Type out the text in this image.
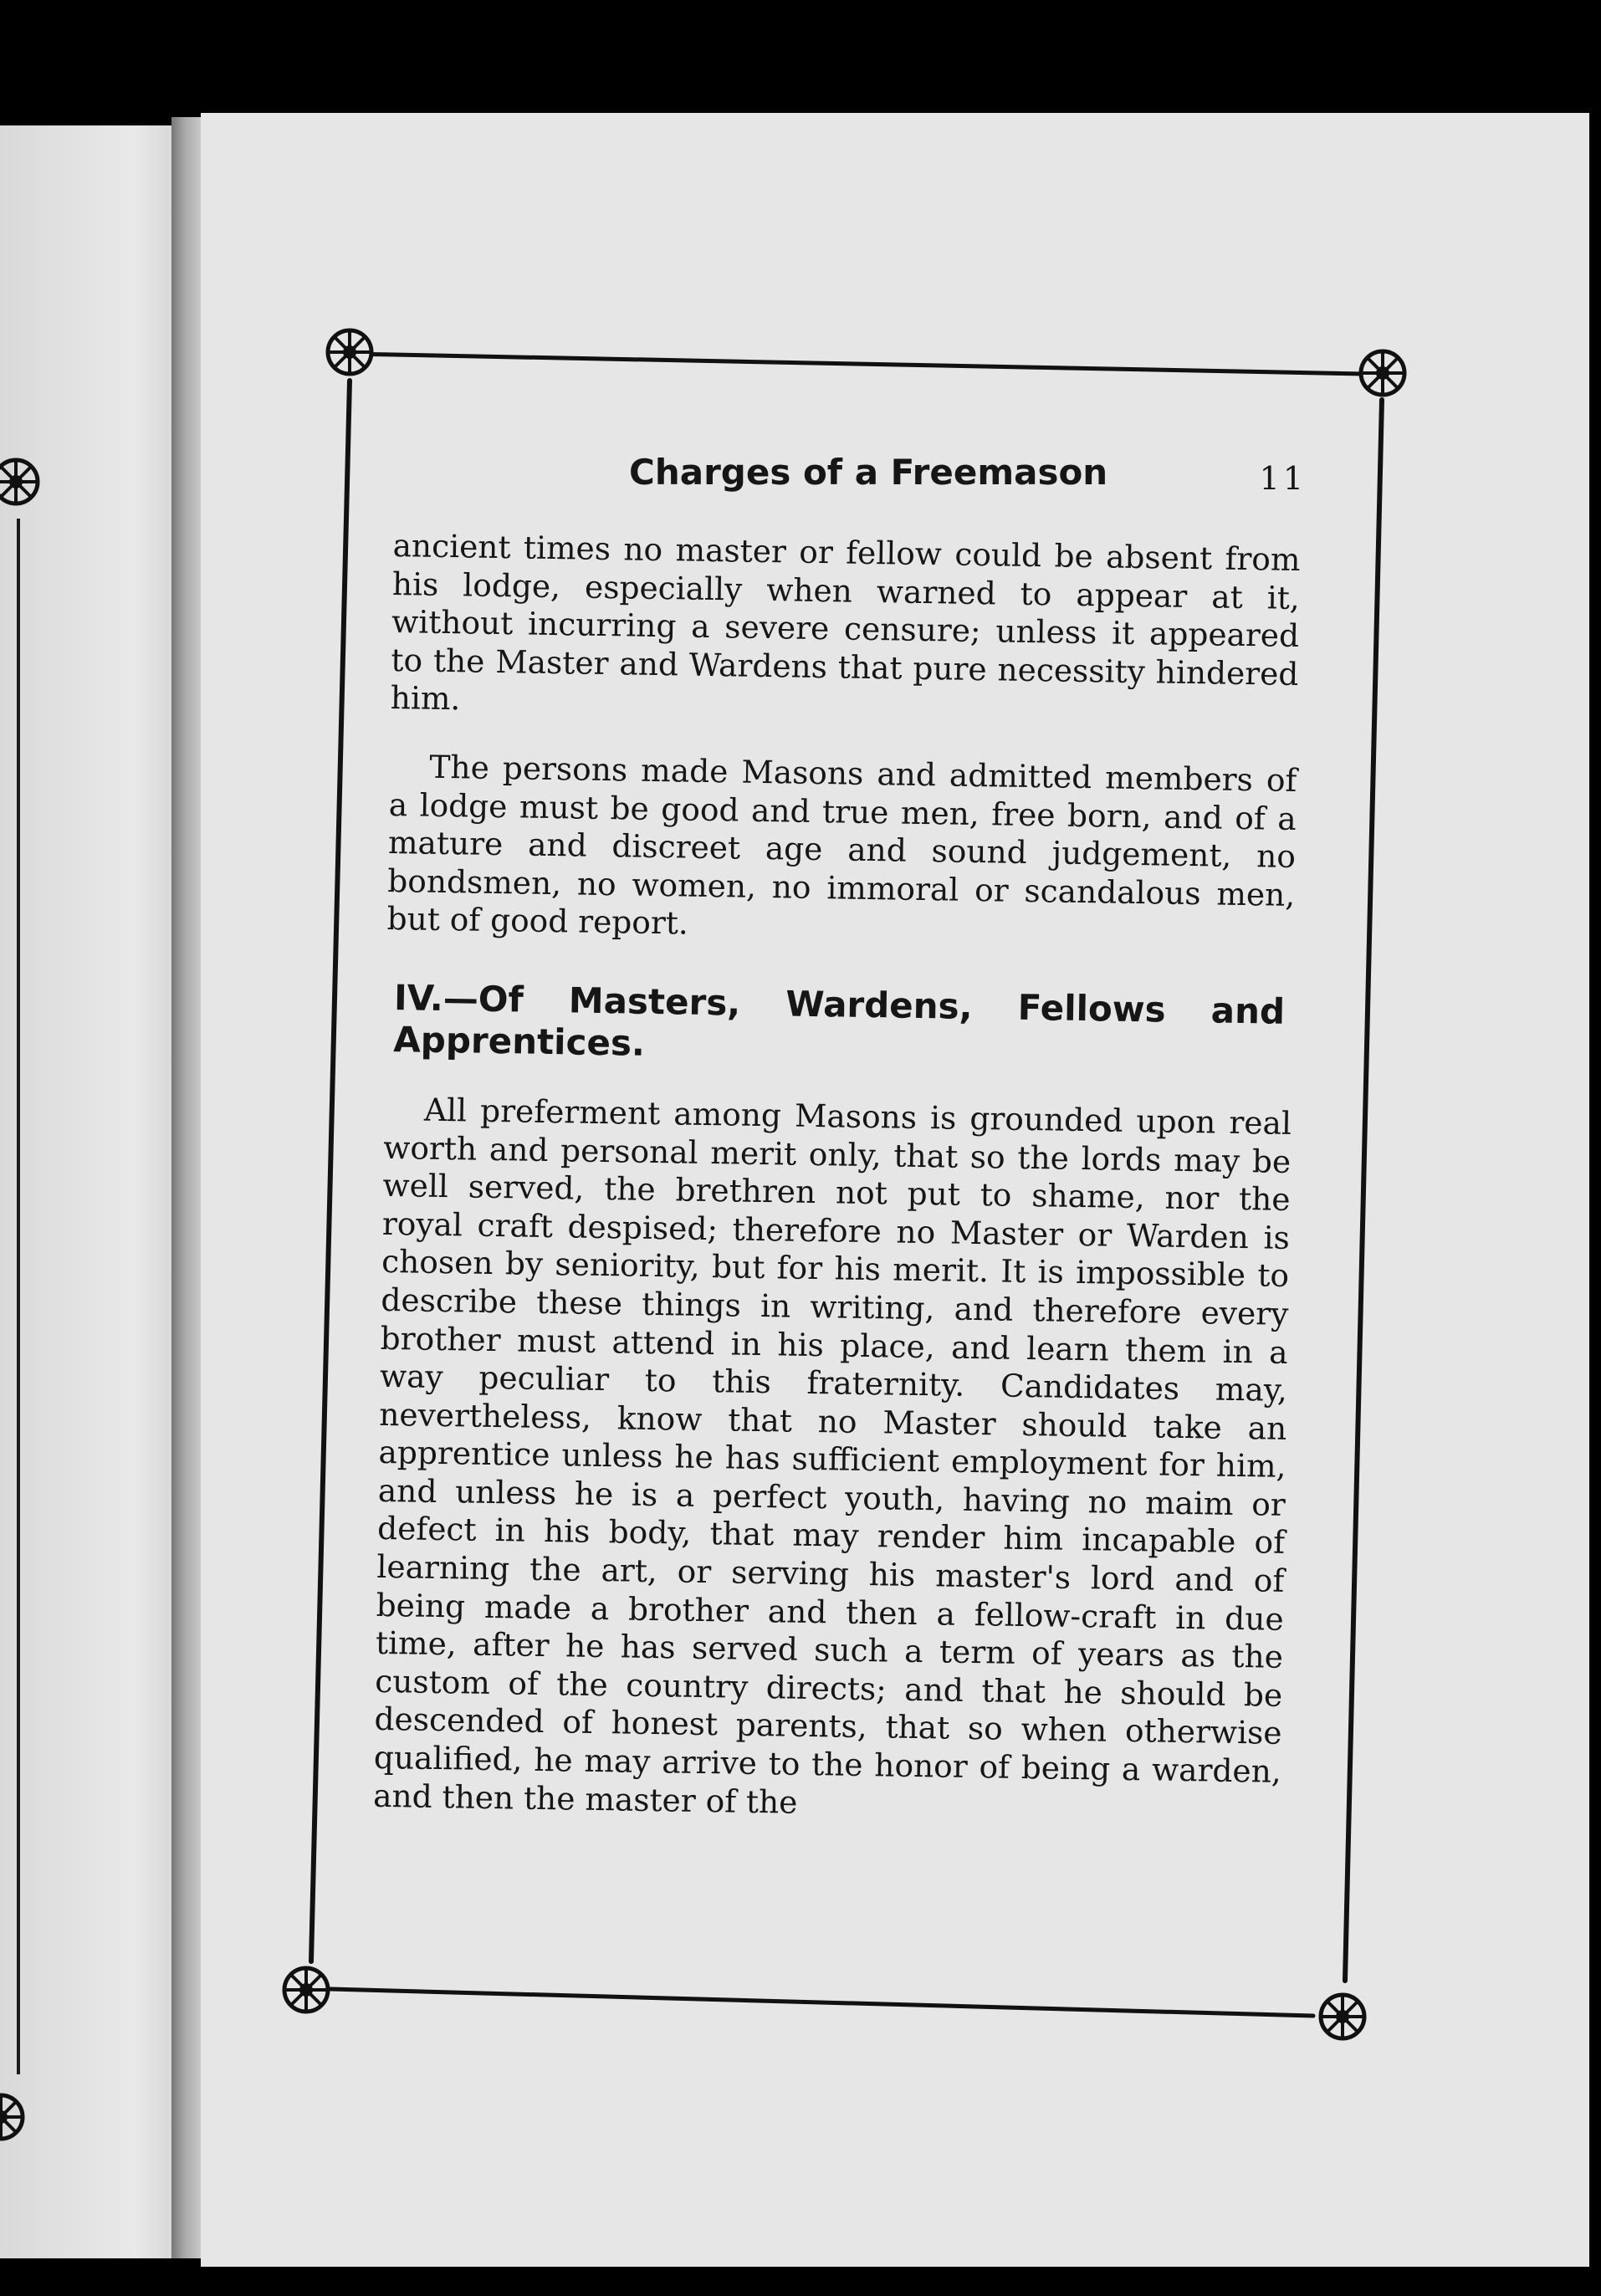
Charges of a Freemason	11

ancient times no master or fellow could be absent from his lodge, especially when warned to appear at it, without incurring a severe censure; unless it appeared to the Master and Wardens that pure necessity hindered him.

The persons made Masons and admitted members of a lodge must be good and true men, free born, and of a mature and discreet age and sound judgement, no bondsmen, no women, no immoral or scandalous men, but of good report.

IV.—Of Masters, Wardens, Fellows and Apprentices.

All preferment among Masons is grounded upon real worth and personal merit only, that so the lords may be well served, the brethren not put to shame, nor the royal craft despised; therefore no Master or Warden is chosen by seniority, but for his merit. It is impossible to describe these things in writing, and therefore every brother must attend in his place, and learn them in a way peculiar to this fraternity. Candidates may, nevertheless, know that no Master should take an apprentice unless he has sufficient employment for him, and unless he is a perfect youth, having no maim or defect in his body, that may render him incapable of learning the art, or serving his master's lord and of being made a brother and then a fellow-craft in due time, after he has served such a term of years as the custom of the country directs; and that he should be descended of honest parents, that so when otherwise qualified, he may arrive to the honor of being a warden, and then the master of the
